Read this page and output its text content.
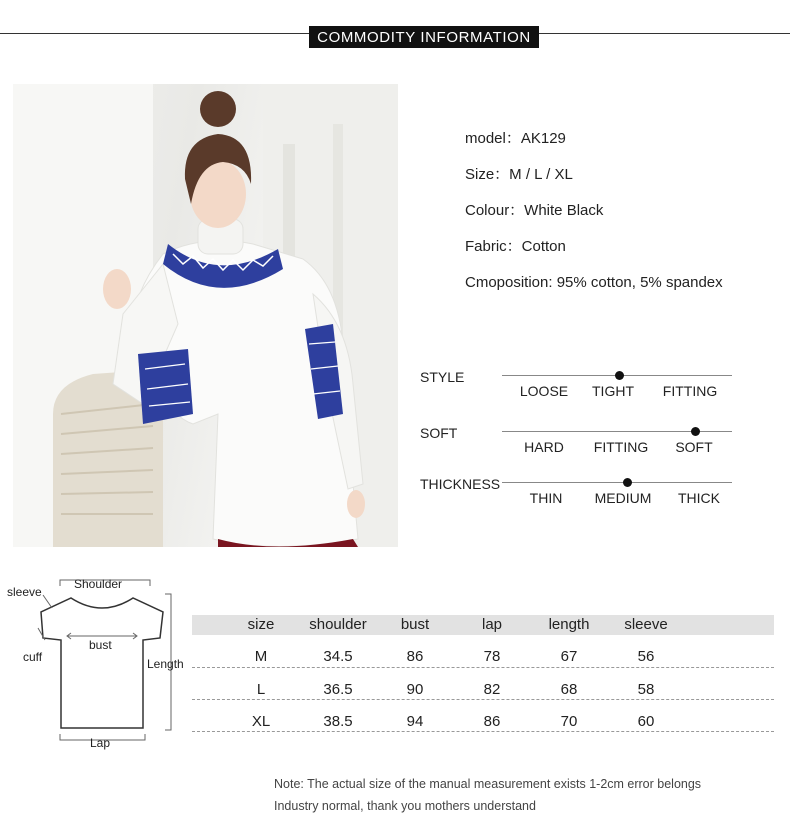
COMMODITY INFORMATION
model：AK129
Size：M / L / XL
Colour：White Black
Fabric：Cotton
Cmoposition: 95% cotton, 5% spandex
STYLE
LOOSE TIGHT FITTING
SOFT
HARD FITTING SOFT
THICKNESS
THIN MEDIUM THICK
Shoulder
sleeve
cuff
bust
Length
Lap
size shoulder bust	lap	length sleeve
M	34.5	86	78	67	56
L	36.5	90	82	68	58
XL	38.5	94	86	70	60
Note: The actual size of the manual measurement exists 1-2cm error belongs
Industry normal, thank you mothers understand
